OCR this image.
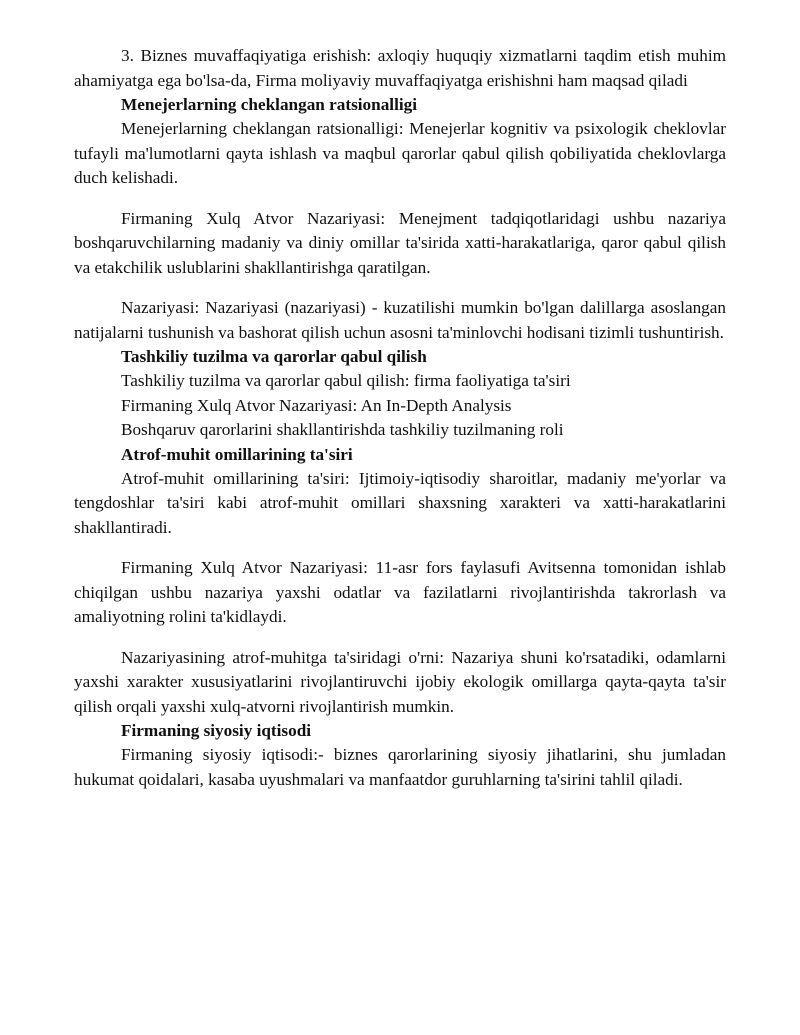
3. Biznes muvaffaqiyatiga erishish: axloqiy huquqiy xizmatlarni taqdim etish muhim ahamiyatga ega bo'lsa-da, Firma moliyaviy muvaffaqiyatga erishishni ham maqsad qiladi

Menejerlarning cheklangan ratsionalligi

Menejerlarning cheklangan ratsionalligi: Menejerlar kognitiv va psixologik cheklovlar tufayli ma'lumotlarni qayta ishlash va maqbul qarorlar qabul qilish qobiliyatida cheklovlarga duch kelishadi.

Firmaning Xulq Atvor Nazariyasi: Menejment tadqiqotlaridagi ushbu nazariya boshqaruvchilarning madaniy va diniy omillar ta'sirida xatti-harakatlariga, qaror qabul qilish va etakchilik uslublarini shakllantirishga qaratilgan.

Nazariyasi: Nazariyasi (nazariyasi) - kuzatilishi mumkin bo'lgan dalillarga asoslangan natijalarni tushunish va bashorat qilish uchun asosni ta'minlovchi hodisani tizimli tushuntirish.

Tashkiliy tuzilma va qarorlar qabul qilish
Tashkiliy tuzilma va qarorlar qabul qilish: firma faoliyatiga ta'siri
Firmaning Xulq Atvor Nazariyasi: An In-Depth Analysis
Boshqaruv qarorlarini shakllantirishda tashkiliy tuzilmaning roli
Atrof-muhit omillarining ta'siri

Atrof-muhit omillarining ta'siri: Ijtimoiy-iqtisodiy sharoitlar, madaniy me'yorlar va tengdoshlar ta'siri kabi atrof-muhit omillari shaxsning xarakteri va xatti-harakatlarini shakllantiradi.

Firmaning Xulq Atvor Nazariyasi: 11-asr fors faylasufi Avitsenna tomonidan ishlab chiqilgan ushbu nazariya yaxshi odatlar va fazilatlarni rivojlantirishda takrorlash va amaliyotning rolini ta'kidlaydi.

Nazariyasining atrof-muhitga ta'siridagi o'rni: Nazariya shuni ko'rsatadiki, odamlarni yaxshi xarakter xususiyatlarini rivojlantiruvchi ijobiy ekologik omillarga qayta-qayta ta'sir qilish orqali yaxshi xulq-atvorni rivojlantirish mumkin.

Firmaning siyosiy iqtisodi

Firmaning siyosiy iqtisodi:- biznes qarorlarining siyosiy jihatlarini, shu jumladan hukumat qoidalari, kasaba uyushmalari va manfaatdor guruhlarning ta'sirini tahlil qiladi.
